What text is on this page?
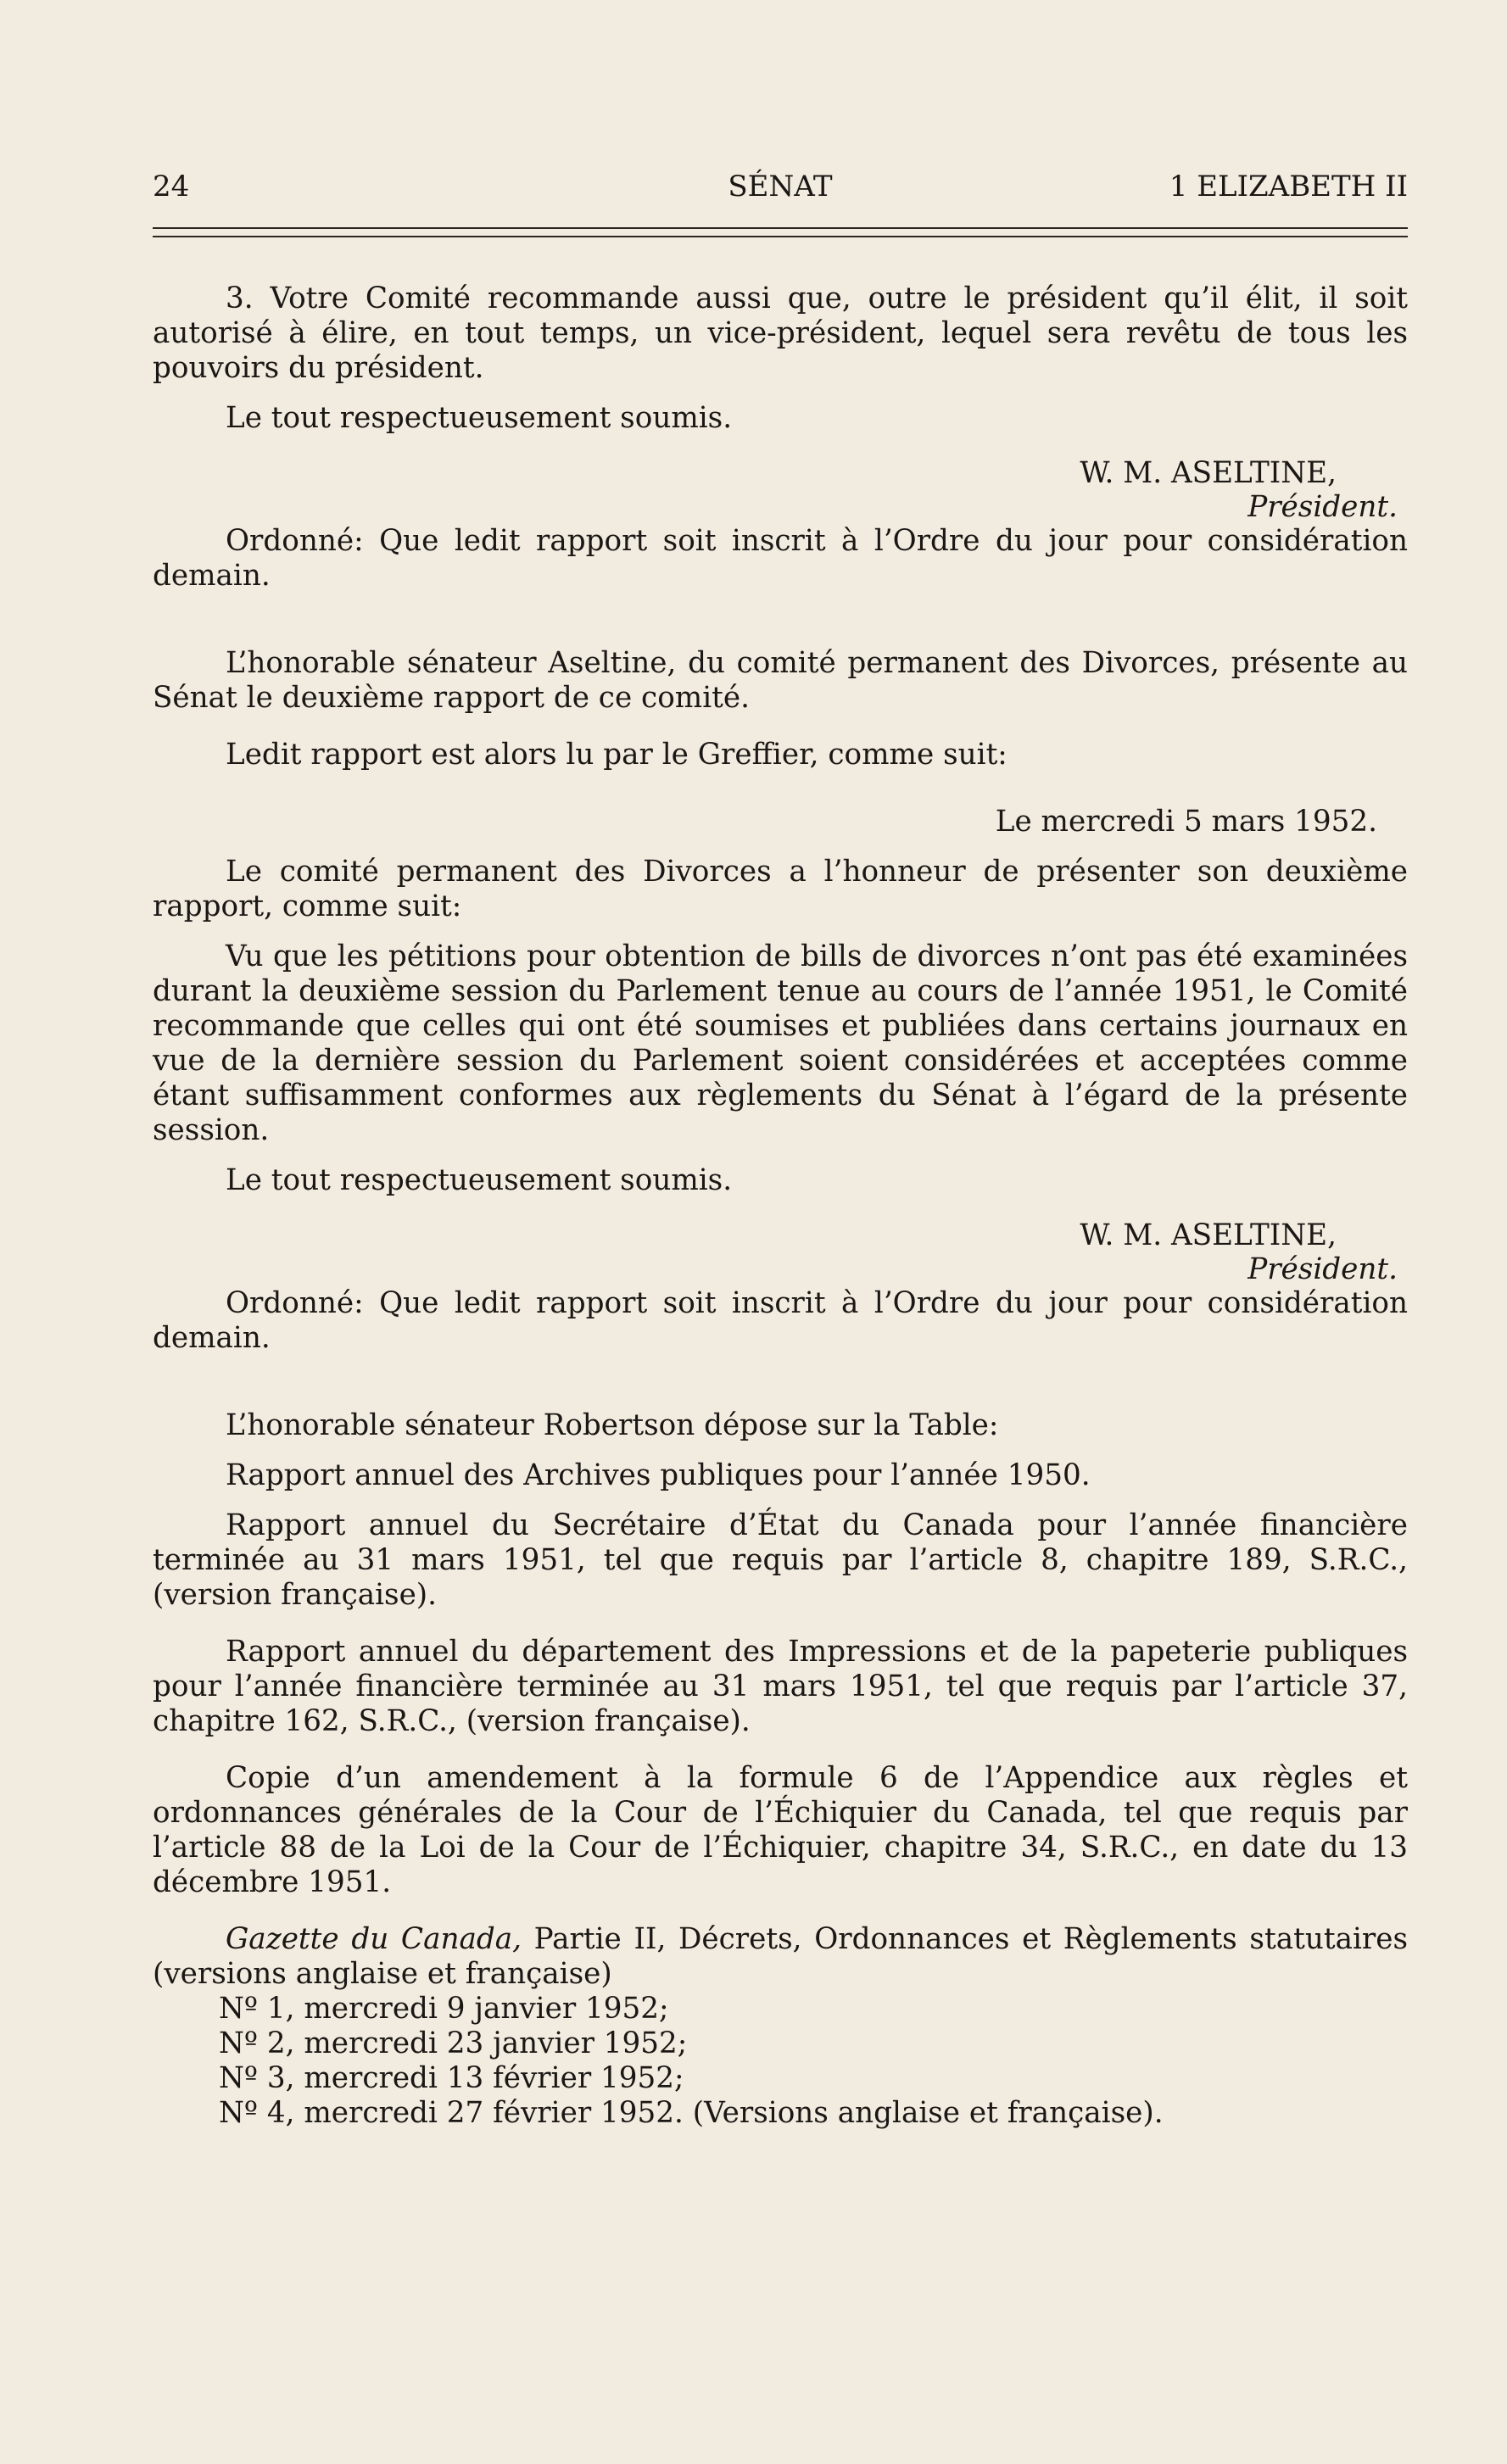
24	SÉNAT	1 ELIZABETH II

3. Votre Comité recommande aussi que, outre le président qu’il élit, il soit autorisé à élire, en tout temps, un vice-président, lequel sera revêtu de tous les pouvoirs du président.

Le tout respectueusement soumis.

W. M. ASELTINE,
Président.

Ordonné: Que ledit rapport soit inscrit à l’Ordre du jour pour considération demain.

L’honorable sénateur Aseltine, du comité permanent des Divorces, présente au Sénat le deuxième rapport de ce comité.

Ledit rapport est alors lu par le Greffier, comme suit:

Le mercredi 5 mars 1952.

Le comité permanent des Divorces a l’honneur de présenter son deuxième rapport, comme suit:

Vu que les pétitions pour obtention de bills de divorces n’ont pas été examinées durant la deuxième session du Parlement tenue au cours de l’année 1951, le Comité recommande que celles qui ont été soumises et publiées dans certains journaux en vue de la dernière session du Parlement soient considérées et acceptées comme étant suffisamment conformes aux règlements du Sénat à l’égard de la présente session.

Le tout respectueusement soumis.

W. M. ASELTINE,
Président.

Ordonné: Que ledit rapport soit inscrit à l’Ordre du jour pour considération demain.

L’honorable sénateur Robertson dépose sur la Table:

Rapport annuel des Archives publiques pour l’année 1950.

Rapport annuel du Secrétaire d’État du Canada pour l’année financière terminée au 31 mars 1951, tel que requis par l’article 8, chapitre 189, S.R.C., (version française).

Rapport annuel du département des Impressions et de la papeterie publiques pour l’année financière terminée au 31 mars 1951, tel que requis par l’article 37, chapitre 162, S.R.C., (version française).

Copie d’un amendement à la formule 6 de l’Appendice aux règles et ordonnances générales de la Cour de l’Échiquier du Canada, tel que requis par l’article 88 de la Loi de la Cour de l’Échiquier, chapitre 34, S.R.C., en date du 13 décembre 1951.

Gazette du Canada, Partie II, Décrets, Ordonnances et Règlements statutaires (versions anglaise et française)

Nº 1, mercredi 9 janvier 1952;
Nº 2, mercredi 23 janvier 1952;
Nº 3, mercredi 13 février 1952;
Nº 4, mercredi 27 février 1952. (Versions anglaise et française).
